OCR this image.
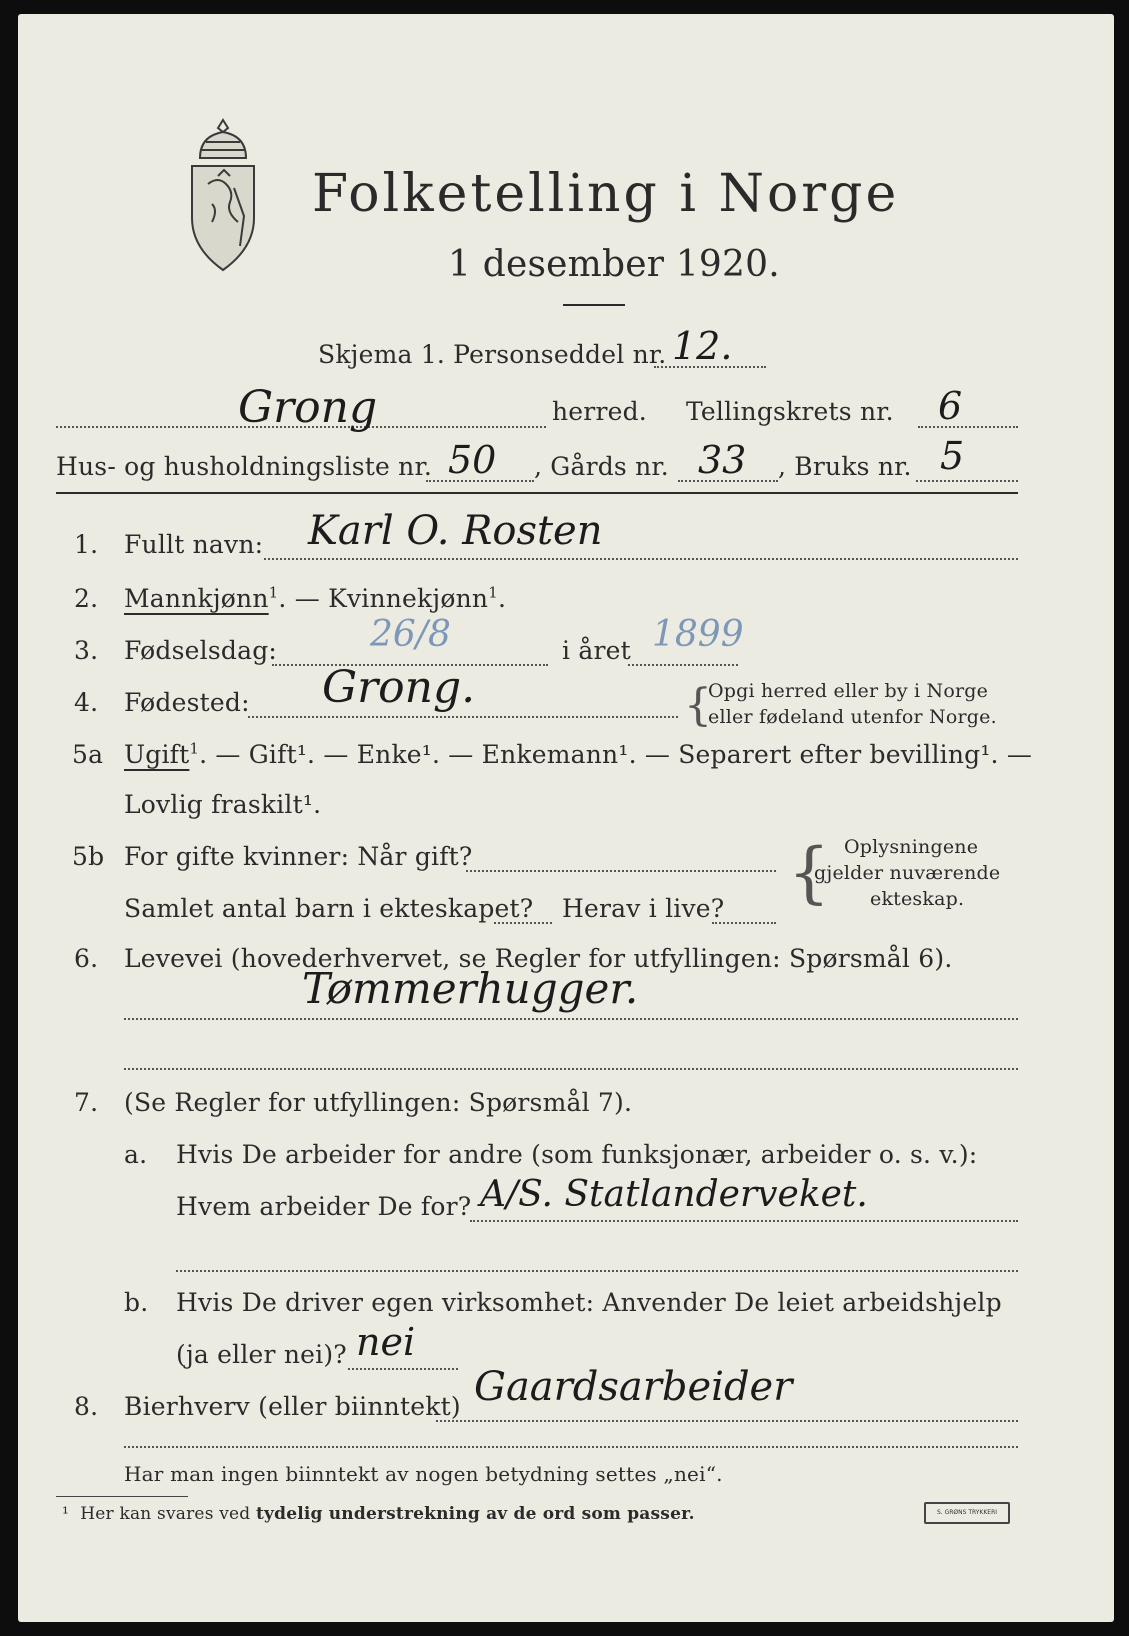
Folketelling i Norge
1 desember 1920.
Skjema 1. Personseddel nr. 12.
Grong	herred. Tellingskrets nr. 6
Hus- og husholdningsliste nr. 50 , Gårds nr. 33 , Bruks nr. 5
1. Fullt navn: Karl O. Rosten
2. Mannkjønn$^1$. — Kvinnekjønn$^1$.
3. Fødselsdag:	26/8	i året 1899
4. Fødested: Grong.	{
Opgi herred eller by i Norge
eller fødeland utenfor Norge.
5a Ugift$^1$. — Gift¹. — Enke¹. — Enkemann¹. — Separert efter bevilling¹. —
Lovlig fraskilt¹.
5b For gifte kvinner: Når gift?
Samlet antal barn i ekteskapet? Herav i live? { Oplysningene
gjelder nuværende
ekteskap.
6. Levevei (hovederhvervet, se Regler for utfyllingen: Spørsmål 6).
Tømmerhugger.
7. (Se Regler for utfyllingen: Spørsmål 7).
a. Hvis De arbeider for andre (som funksjonær, arbeider o. s. v.):
Hvem arbeider De for? A/S. Statlanderveket.
b. Hvis De driver egen virksomhet: Anvender De leiet arbeidshjelp
(ja eller nei)? nei
8. Bierhverv (eller biinntekt) Gaardsarbeider
Har man ingen biinntekt av nogen betydning settes „nei“.
¹ Her kan svares ved tydelig understrekning av de ord som passer.	S. GRØNS TRYKKERI
